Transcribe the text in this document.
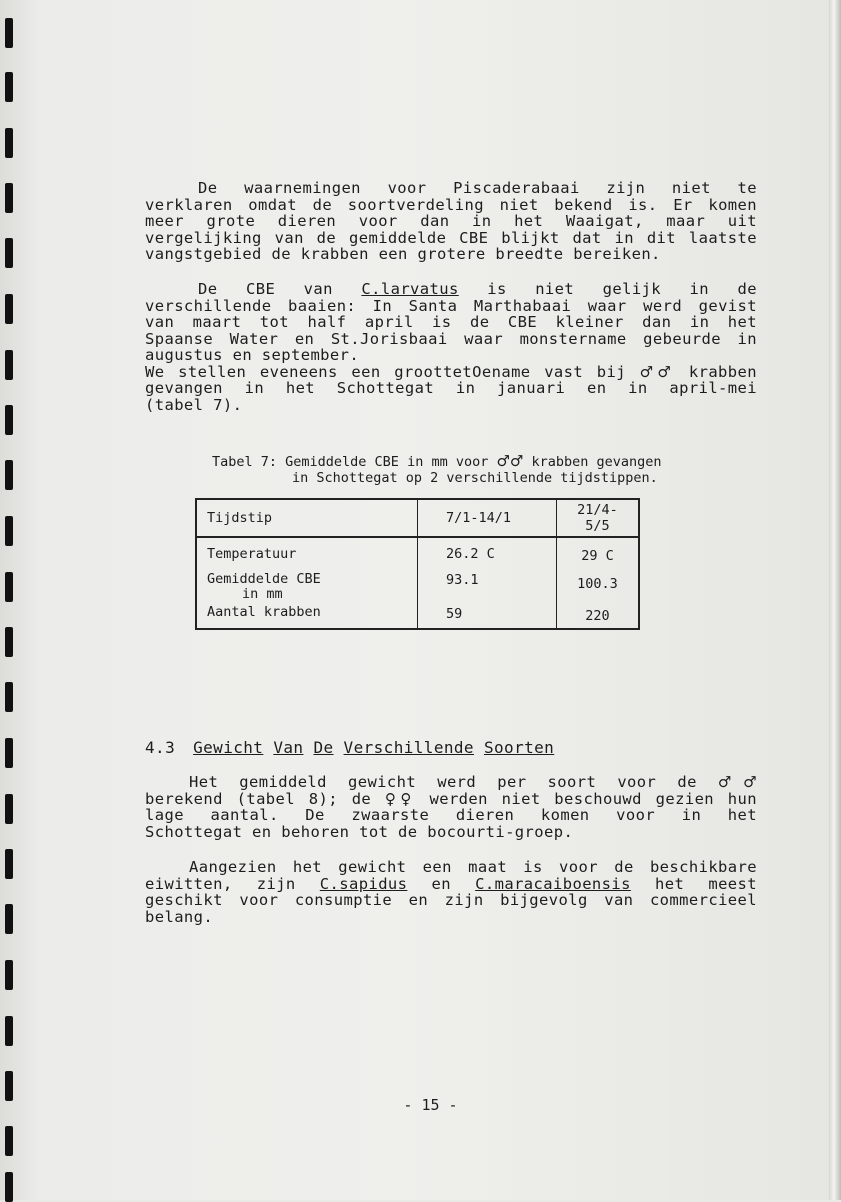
De waarnemingen voor Piscaderabaai zijn niet te
verklaren omdat de soortverdeling niet bekend is. Er komen
meer grote dieren voor dan in het Waaigat, maar uit
vergelijking van de gemiddelde CBE blijkt dat in dit laatste
vangstgebied de krabben een grotere breedte bereiken.
De CBE van C.larvatus is niet gelijk in de
verschillende baaien: In Santa Marthabaai waar werd gevist
van maart tot half april is de CBE kleiner dan in het
Spaanse Water en St.Jorisbaai waar monstername gebeurde in
augustus en september.
We stellen eveneens een groottetOename vast bij ♂♂ krabben
gevangen in het Schottegat in januari en in april-mei
(tabel 7).
Tabel 7: Gemiddelde CBE in mm voor ♂♂ krabben gevangen
in Schottegat op 2 verschillende tijdstippen.
Tijdstip	7/1-14/1	21/4-5/5
Temperatuur	26.2 C	29 C
Gemiddelde CBE
in mm	93.1	100.3
Aantal krabben	59	220
4.3 Gewicht Van De Verschillende Soorten
Het gemiddeld gewicht werd per soort voor de ♂♂
berekend (tabel 8); de ♀♀ werden niet beschouwd gezien hun
lage aantal. De zwaarste dieren komen voor in het
Schottegat en behoren tot de bocourti-groep.
Aangezien het gewicht een maat is voor de beschikbare
eiwitten, zijn C.sapidus en C.maracaiboensis het meest
geschikt voor consumptie en zijn bijgevolg van commercieel
belang.
- 15 -
